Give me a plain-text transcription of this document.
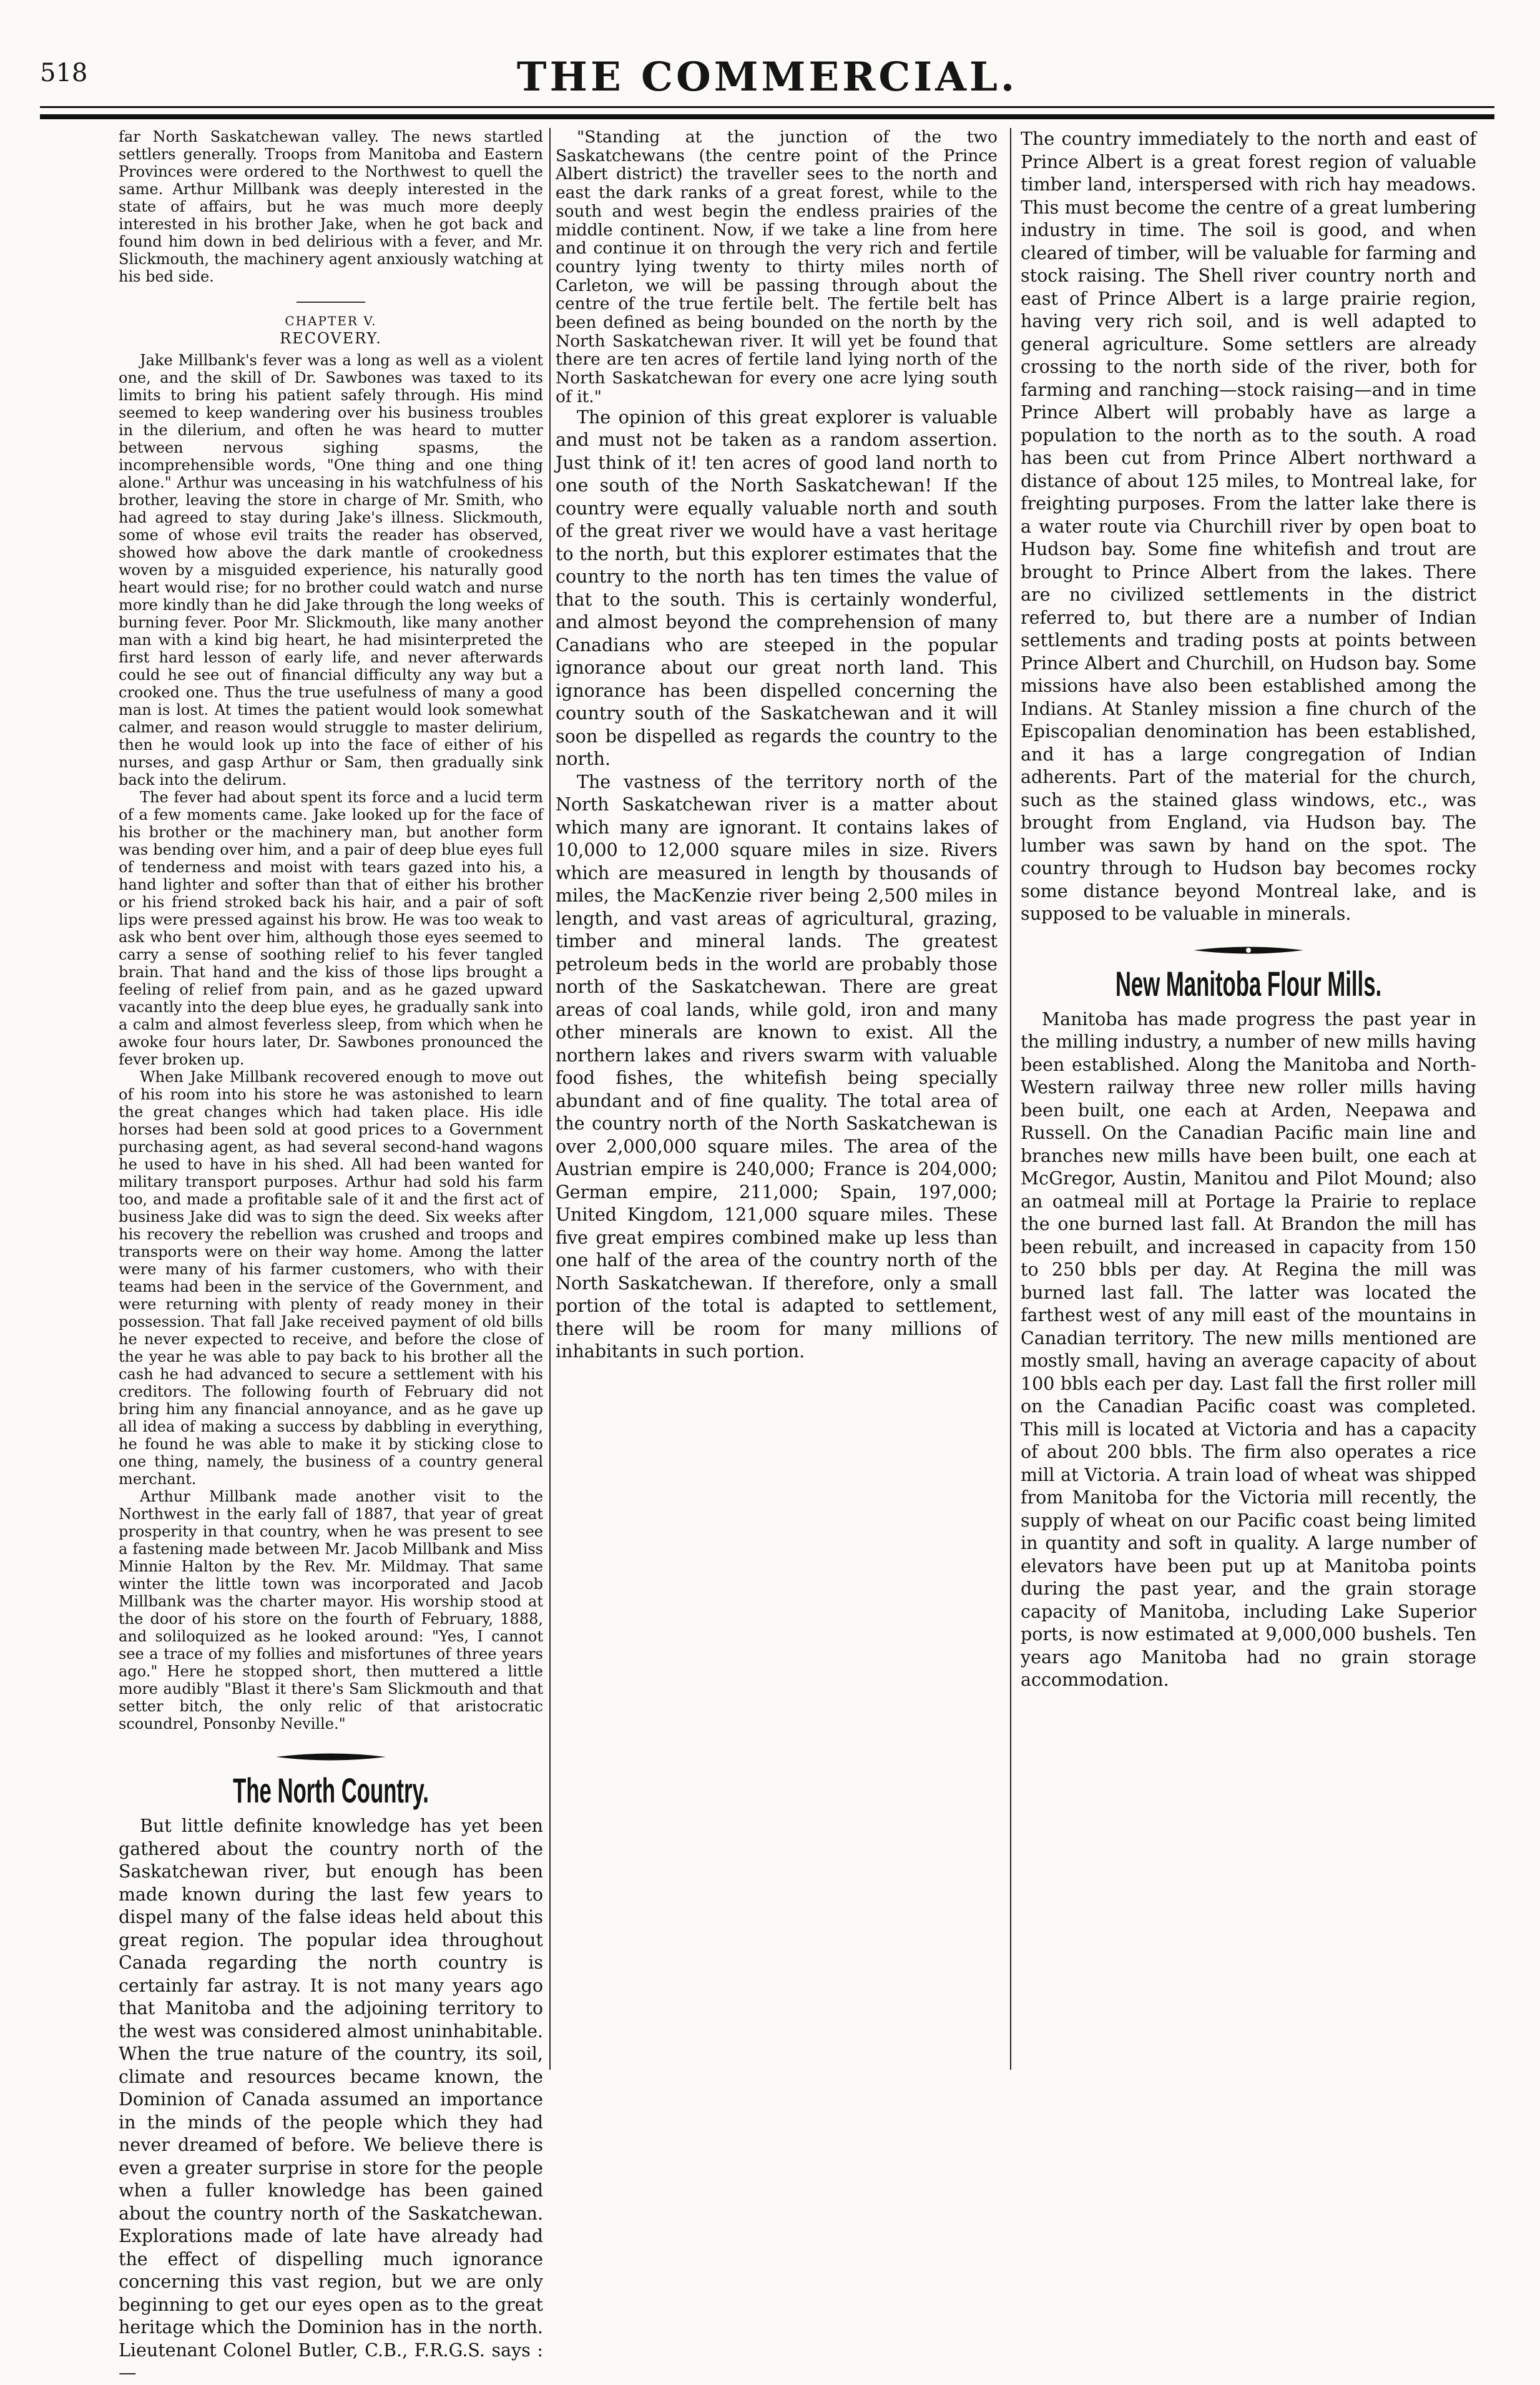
518	THE COMMERCIAL.

far North Saskatchewan valley. The news startled settlers generally. Troops from Manitoba and Eastern Provinces were ordered to the Northwest to quell the same. Arthur Millbank was deeply interested in the state of affairs, but he was much more deeply interested in his brother Jake, when he got back and found him down in bed delirious with a fever, and Mr. Slickmouth, the machinery agent anxiously watching at his bed side.

CHAPTER V.

RECOVERY.

Jake Millbank's fever was a long as well as a violent one, and the skill of Dr. Sawbones was taxed to its limits to bring his patient safely through. His mind seemed to keep wandering over his business troubles in the dilerium, and often he was heard to mutter between nervous sighing spasms, the incomprehensible words, "One thing and one thing alone." Arthur was unceasing in his watchfulness of his brother, leaving the store in charge of Mr. Smith, who had agreed to stay during Jake's illness. Slickmouth, some of whose evil traits the reader has observed, showed how above the dark mantle of crookedness woven by a misguided experience, his naturally good heart would rise; for no brother could watch and nurse more kindly than he did Jake through the long weeks of burning fever. Poor Mr. Slickmouth, like many another man with a kind big heart, he had misinterpreted the first hard lesson of early life, and never afterwards could he see out of financial difficulty any way but a crooked one. Thus the true usefulness of many a good man is lost. At times the patient would look somewhat calmer, and reason would struggle to master delirium, then he would look up into the face of either of his nurses, and gasp Arthur or Sam, then gradually sink back into the delirum.

The fever had about spent its force and a lucid term of a few moments came. Jake looked up for the face of his brother or the machinery man, but another form was bending over him, and a pair of deep blue eyes full of tenderness and moist with tears gazed into his, a hand lighter and softer than that of either his brother or his friend stroked back his hair, and a pair of soft lips were pressed against his brow. He was too weak to ask who bent over him, although those eyes seemed to carry a sense of soothing relief to his fever tangled brain. That hand and the kiss of those lips brought a feeling of relief from pain, and as he gazed upward vacantly into the deep blue eyes, he gradually sank into a calm and almost feverless sleep, from which when he awoke four hours later, Dr. Sawbones pronounced the fever broken up.

When Jake Millbank recovered enough to move out of his room into his store he was astonished to learn the great changes which had taken place. His idle horses had been sold at good prices to a Government purchasing agent, as had several second-hand wagons he used to have in his shed. All had been wanted for military transport purposes. Arthur had sold his farm too, and made a profitable sale of it and the first act of business Jake did was to sign the deed. Six weeks after his recovery the rebellion was crushed and troops and transports were on their way home. Among the latter were many of his farmer customers, who with their teams had been in the service of the Government, and were returning with plenty of ready money in their possession. That fall Jake received payment of old bills he never expected to receive, and before the close of the year he was able to pay back to his brother all the cash he had advanced to secure a settlement with his creditors. The following fourth of February did not bring him any financial annoyance, and as he gave up all idea of making a success by dabbling in everything, he found he was able to make it by sticking close to one thing, namely, the business of a country general merchant.

Arthur Millbank made another visit to the Northwest in the early fall of 1887, that year of great prosperity in that country, when he was present to see a fastening made between Mr. Jacob Millbank and Miss Minnie Halton by the Rev. Mr. Mildmay. That same winter the little town was incorporated and Jacob Millbank was the charter mayor. His worship stood at the door of his store on the fourth of February, 1888, and soliloquized as he looked around: "Yes, I cannot see a trace of my follies and misfortunes of three years ago." Here he stopped short, then muttered a little more audibly "Blast it there's Sam Slickmouth and that setter bitch, the only relic of that aristocratic scoundrel, Ponsonby Neville."

The North Country.

But little definite knowledge has yet been gathered about the country north of the Saskatchewan river, but enough has been made known during the last few years to dispel many of the false ideas held about this great region. The popular idea throughout Canada regarding the north country is certainly far astray. It is not many years ago that Manitoba and the adjoining territory to the west was considered almost uninhabitable. When the true nature of the country, its soil, climate and resources became known, the Dominion of Canada assumed an importance in the minds of the people which they had never dreamed of before. We believe there is even a greater surprise in store for the people when a fuller knowledge has been gained about the country north of the Saskatchewan. Explorations made of late have already had the effect of dispelling much ignorance concerning this vast region, but we are only beginning to get our eyes open as to the great heritage which the Dominion has in the north. Lieutenant Colonel Butler, C.B., F.R.G.S. says :—

The country immediately to the north and east of Prince Albert is a great forest region of valuable timber land, interspersed with rich hay meadows. This must become the centre of a great lumbering industry in time. The soil is good, and when cleared of timber, will be valuable for farming and stock raising. The Shell river country north and east of Prince Albert is a large prairie region, having very rich soil, and is well adapted to general agriculture. Some settlers are already crossing to the north side of the river, both for farming and ranching—stock raising—and in time Prince Albert will probably have as large a population to the north as to the south. A road has been cut from Prince Albert northward a distance of about 125 miles, to Montreal lake, for freighting purposes. From the latter lake there is a water route via Churchill river by open boat to Hudson bay. Some fine whitefish and trout are brought to Prince Albert from the lakes. There are no civilized settlements in the district referred to, but there are a number of Indian settlements and trading posts at points between Prince Albert and Churchill, on Hudson bay. Some missions have also been established among the Indians. At Stanley mission a fine church of the Episcopalian denomination has been established, and it has a large congregation of Indian adherents. Part of the material for the church, such as the stained glass windows, etc., was brought from England, via Hudson bay. The lumber was sawn by hand on the spot. The country through to Hudson bay becomes rocky some distance beyond Montreal lake, and is supposed to be valuable in minerals.

New Manitoba Flour Mills.

Manitoba has made progress the past year in the milling industry, a number of new mills having been established. Along the Manitoba and North-Western railway three new roller mills having been built, one each at Arden, Neepawa and Russell. On the Canadian Pacific main line and branches new mills have been built, one each at McGregor, Austin, Manitou and Pilot Mound; also an oatmeal mill at Portage la Prairie to replace the one burned last fall. At Brandon the mill has been rebuilt, and increased in capacity from 150 to 250 bbls per day. At Regina the mill was burned last fall. The latter was located the farthest west of any mill east of the mountains in Canadian territory. The new mills mentioned are mostly small, having an average capacity of about 100 bbls each per day. Last fall the first roller mill on the Canadian Pacific coast was completed. This mill is located at Victoria and has a capacity of about 200 bbls. The firm also operates a rice mill at Victoria. A train load of wheat was shipped from Manitoba for the Victoria mill recently, the supply of wheat on our Pacific coast being limited in quantity and soft in quality. A large number of elevators have been put up at Manitoba points during the past year, and the grain storage capacity of Manitoba, including Lake Superior ports, is now estimated at 9,000,000 bushels. Ten years ago Manitoba had no grain storage accommodation.

"Standing at the junction of the two Saskatchewans (the centre point of the Prince Albert district) the traveller sees to the north and east the dark ranks of a great forest, while to the south and west begin the endless prairies of the middle continent. Now, if we take a line from here and continue it on through the very rich and fertile country lying twenty to thirty miles north of Carleton, we will be passing through about the centre of the true fertile belt. The fertile belt has been defined as being bounded on the north by the North Saskatchewan river. It will yet be found that there are ten acres of fertile land lying north of the North Saskatchewan for every one acre lying south of it."

The opinion of this great explorer is valuable and must not be taken as a random assertion. Just think of it! ten acres of good land north to one south of the North Saskatchewan! If the country were equally valuable north and south of the great river we would have a vast heritage to the north, but this explorer estimates that the country to the north has ten times the value of that to the south. This is certainly wonderful, and almost beyond the comprehension of many Canadians who are steeped in the popular ignorance about our great north land. This ignorance has been dispelled concerning the country south of the Saskatchewan and it will soon be dispelled as regards the country to the north.

The vastness of the territory north of the North Saskatchewan river is a matter about which many are ignorant. It contains lakes of 10,000 to 12,000 square miles in size. Rivers which are measured in length by thousands of miles, the MacKenzie river being 2,500 miles in length, and vast areas of agricultural, grazing, timber and mineral lands. The greatest petroleum beds in the world are probably those north of the Saskatchewan. There are great areas of coal lands, while gold, iron and many other minerals are known to exist. All the northern lakes and rivers swarm with valuable food fishes, the whitefish being specially abundant and of fine quality. The total area of the country north of the North Saskatchewan is over 2,000,000 square miles. The area of the Austrian empire is 240,000; France is 204,000; German empire, 211,000; Spain, 197,000; United Kingdom, 121,000 square miles. These five great empires combined make up less than one half of the area of the country north of the North Saskatchewan. If therefore, only a small portion of the total is adapted to settlement, there will be room for many millions of inhabitants in such portion.
